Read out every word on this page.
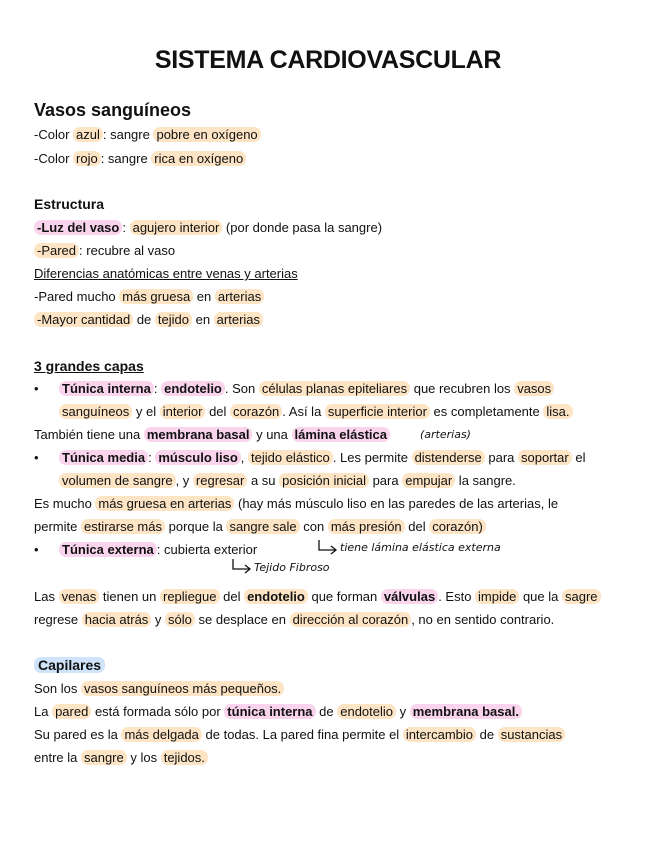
SISTEMA CARDIOVASCULAR
Vasos sanguíneos
-Color azul : sangre pobre en oxígeno
-Color rojo : sangre rica en oxígeno
Estructura
-Luz del vaso : agujero interior (por donde pasa la sangre)
-Pared : recubre al vaso
Diferencias anatómicas entre venas y arterias
-Pared mucho más gruesa en arterias
-Mayor cantidad de tejido en arterias
3 grandes capas
• Túnica interna : endotelio . Son células planas epiteliares que recubren los vasos
sanguíneos y el interior del corazón . Así la superficie interior es completamente lisa.
También tiene una membrana basal y una lámina elástica	(arterias)
• Túnica media : músculo liso , tejido elástico . Les permite distenderse para soportar el
volumen de sangre , y regresar a su posición inicial para empujar la sangre.
Es mucho más gruesa en arterias (hay más músculo liso en las paredes de las arterias, le
permite estirarse más porque la sangre sale con más presión del corazón)
• Túnica externa : cubierta exterior	tiene lámina elástica externa
Tejido Fibroso
Las venas tienen un repliegue del endotelio que forman válvulas . Esto impide que la sagre
regrese hacia atrás y sólo se desplace en dirección al corazón , no en sentido contrario.
Capilares
Son los vasos sanguíneos más pequeños.
La pared está formada sólo por túnica interna de endotelio y membrana basal.
Su pared es la más delgada de todas. La pared fina permite el intercambio de sustancias
entre la sangre y los tejidos.
